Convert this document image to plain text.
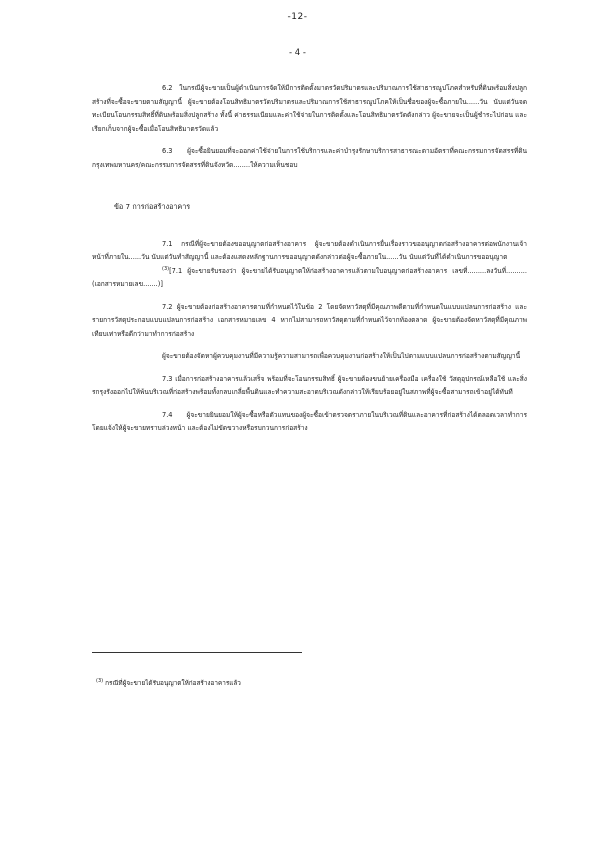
-12-
- 4 -

6.2 ในกรณีผู้จะขายเป็นผู้ดำเนินการจัดให้มีการติดตั้งมาตรวัดปริมาตรและปริมาณการใช้สาธารณูปโภคสำหรับที่ดินพร้อมสิ่งปลูกสร้างที่จะซื้อจะขายตามสัญญานี้ ผู้จะขายต้องโอนสิทธิมาตรวัดปริมาตรและปริมาณการใช้สาธารณูปโภคให้เป็นชื่อของผู้จะซื้อภายใน......วัน นับแต่วันจดทะเบียนโอนกรรมสิทธิ์ที่ดินพร้อมสิ่งปลูกสร้าง ทั้งนี้ ค่าธรรมเนียมและค่าใช้จ่ายในการติดตั้งและโอนสิทธิมาตรวัดดังกล่าว ผู้จะขายจะเป็นผู้ชำระไปก่อน และเรียกเก็บจากผู้จะซื้อเมื่อโอนสิทธิมาตรวัดแล้ว

6.3 ผู้จะซื้อยินยอมที่จะออกค่าใช้จ่ายในการใช้บริการและค่าบำรุงรักษาบริการสาธารณะตามอัตราที่คณะกรรมการจัดสรรที่ดินกรุงเทพมหานคร/คณะกรรมการจัดสรรที่ดินจังหวัด........ให้ความเห็นชอบ

ข้อ 7 การก่อสร้างอาคาร

7.1 กรณีที่ผู้จะขายต้องขออนุญาตก่อสร้างอาคาร ผู้จะขายต้องดำเนินการยื่นเรื่องราวขออนุญาตก่อสร้างอาคารต่อพนักงานเจ้าหน้าที่ภายใน......วัน นับแต่วันทำสัญญานี้ และต้องแสดงหลักฐานการขออนุญาตดังกล่าวต่อผู้จะซื้อภายใน......วัน นับแต่วันที่ได้ดำเนินการขออนุญาต

$^{(3)}$[7.1 ผู้จะขายรับรองว่า ผู้จะขายได้รับอนุญาตให้ก่อสร้างอาคารแล้วตามใบอนุญาตก่อสร้างอาคาร เลขที่.........ลงวันที่..........(เอกสารหมายเลข.......)]

7.2 ผู้จะขายต้องก่อสร้างอาคารตามที่กำหนดไว้ในข้อ 2 โดยจัดหาวัสดุที่มีคุณภาพดีตามที่กำหนดในแบบแปลนการก่อสร้าง และรายการวัสดุประกอบแบบแปลนการก่อสร้าง เอกสารหมายเลข 4 หากไม่สามารถหาวัสดุตามที่กำหนดไว้จากท้องตลาด ผู้จะขายต้องจัดหาวัสดุที่มีคุณภาพเทียบเท่าหรือดีกว่ามาทำการก่อสร้าง

ผู้จะขายต้องจัดหาผู้ควบคุมงานที่มีความรู้ความสามารถเพื่อควบคุมงานก่อสร้างให้เป็นไปตามแบบแปลนการก่อสร้างตามสัญญานี้

7.3 เมื่อการก่อสร้างอาคารแล้วเสร็จ พร้อมที่จะโอนกรรมสิทธิ์ ผู้จะขายต้องขนย้ายเครื่องมือ เครื่องใช้ วัสดุอุปกรณ์เหลือใช้ และสิ่งรกรุงรังออกไปให้พ้นบริเวณที่ก่อสร้างพร้อมทั้งกลบเกลี่ยพื้นดินและทำความสะอาดบริเวณดังกล่าวให้เรียบร้อยอยู่ในสภาพที่ผู้จะซื้อสามารถเข้าอยู่ได้ทันที

7.4 ผู้จะขายยินยอมให้ผู้จะซื้อหรือตัวแทนของผู้จะซื้อเข้าตรวจตราภายในบริเวณที่ดินและอาคารที่ก่อสร้างได้ตลอดเวลาทำการ โดยแจ้งให้ผู้จะขายทราบล่วงหน้า และต้องไม่ขัดขวางหรือรบกวนการก่อสร้าง

$^{(3)}$ กรณีที่ผู้จะขายได้รับอนุญาตให้ก่อสร้างอาคารแล้ว
